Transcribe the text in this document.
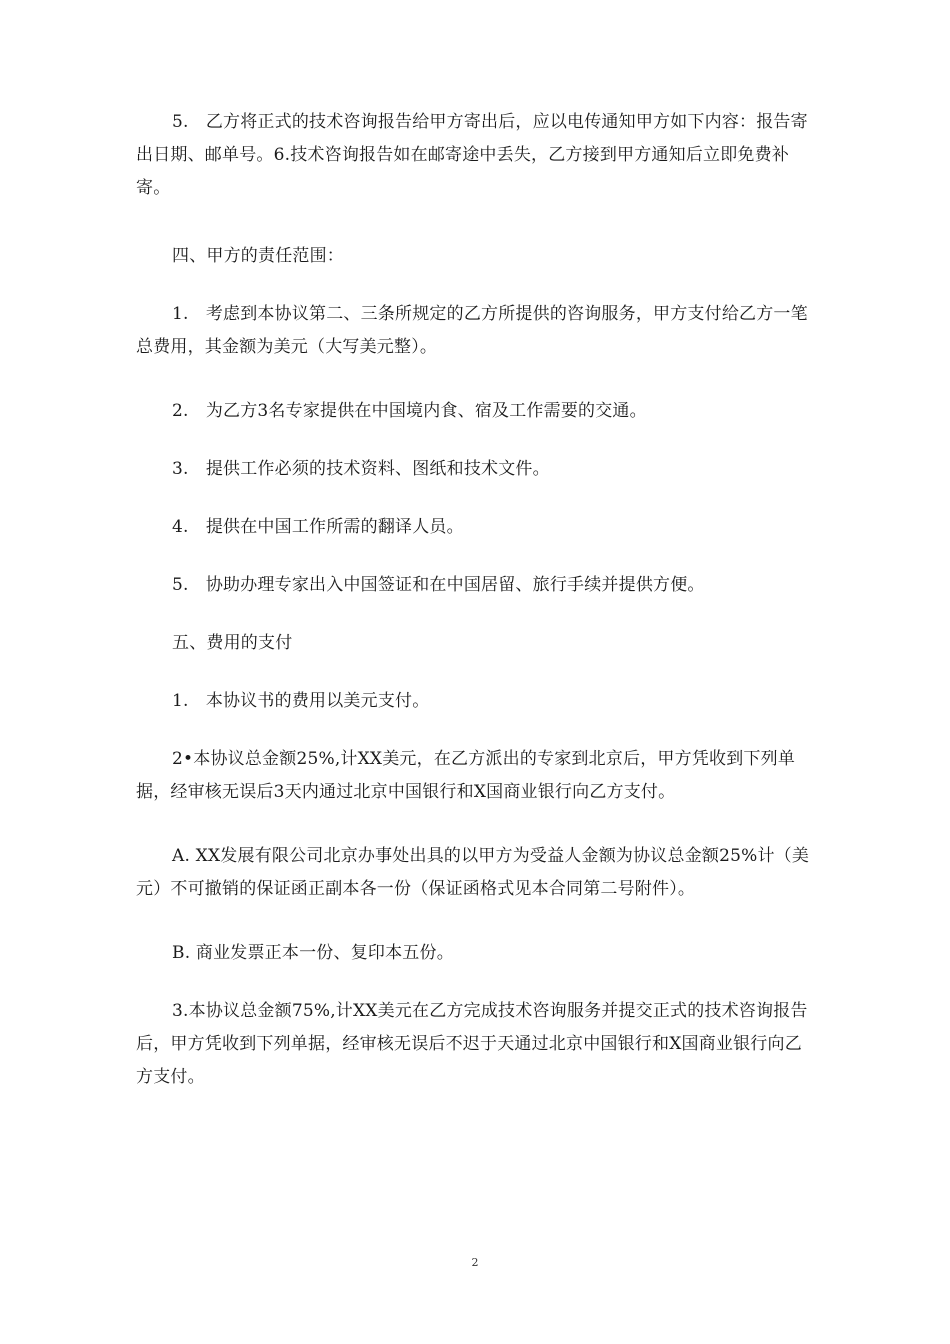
5.　乙方将正式的技术咨询报告给甲方寄出后，应以电传通知甲方如下内容：报告寄出日期、邮单号。6.技术咨询报告如在邮寄途中丢失，乙方接到甲方通知后立即免费补寄。

四、甲方的责任范围：

1.　考虑到本协议第二、三条所规定的乙方所提供的咨询服务，甲方支付给乙方一笔总费用，其金额为美元（大写美元整）。

2.　为乙方3名专家提供在中国境内食、宿及工作需要的交通。

3.　提供工作必须的技术资料、图纸和技术文件。

4.　提供在中国工作所需的翻译人员。

5.　协助办理专家出入中国签证和在中国居留、旅行手续并提供方便。

五、费用的支付

1.　本协议书的费用以美元支付。

2•本协议总金额25%,计XX美元，在乙方派出的专家到北京后，甲方凭收到下列单据，经审核无误后3天内通过北京中国银行和X国商业银行向乙方支付。

A. XX发展有限公司北京办事处出具的以甲方为受益人金额为协议总金额25%计（美元）不可撤销的保证函正副本各一份（保证函格式见本合同第二号附件）。

B. 商业发票正本一份、复印本五份。

3.本协议总金额75%,计XX美元在乙方完成技术咨询服务并提交正式的技术咨询报告后，甲方凭收到下列单据，经审核无误后不迟于天通过北京中国银行和X国商业银行向乙方支付。

2
